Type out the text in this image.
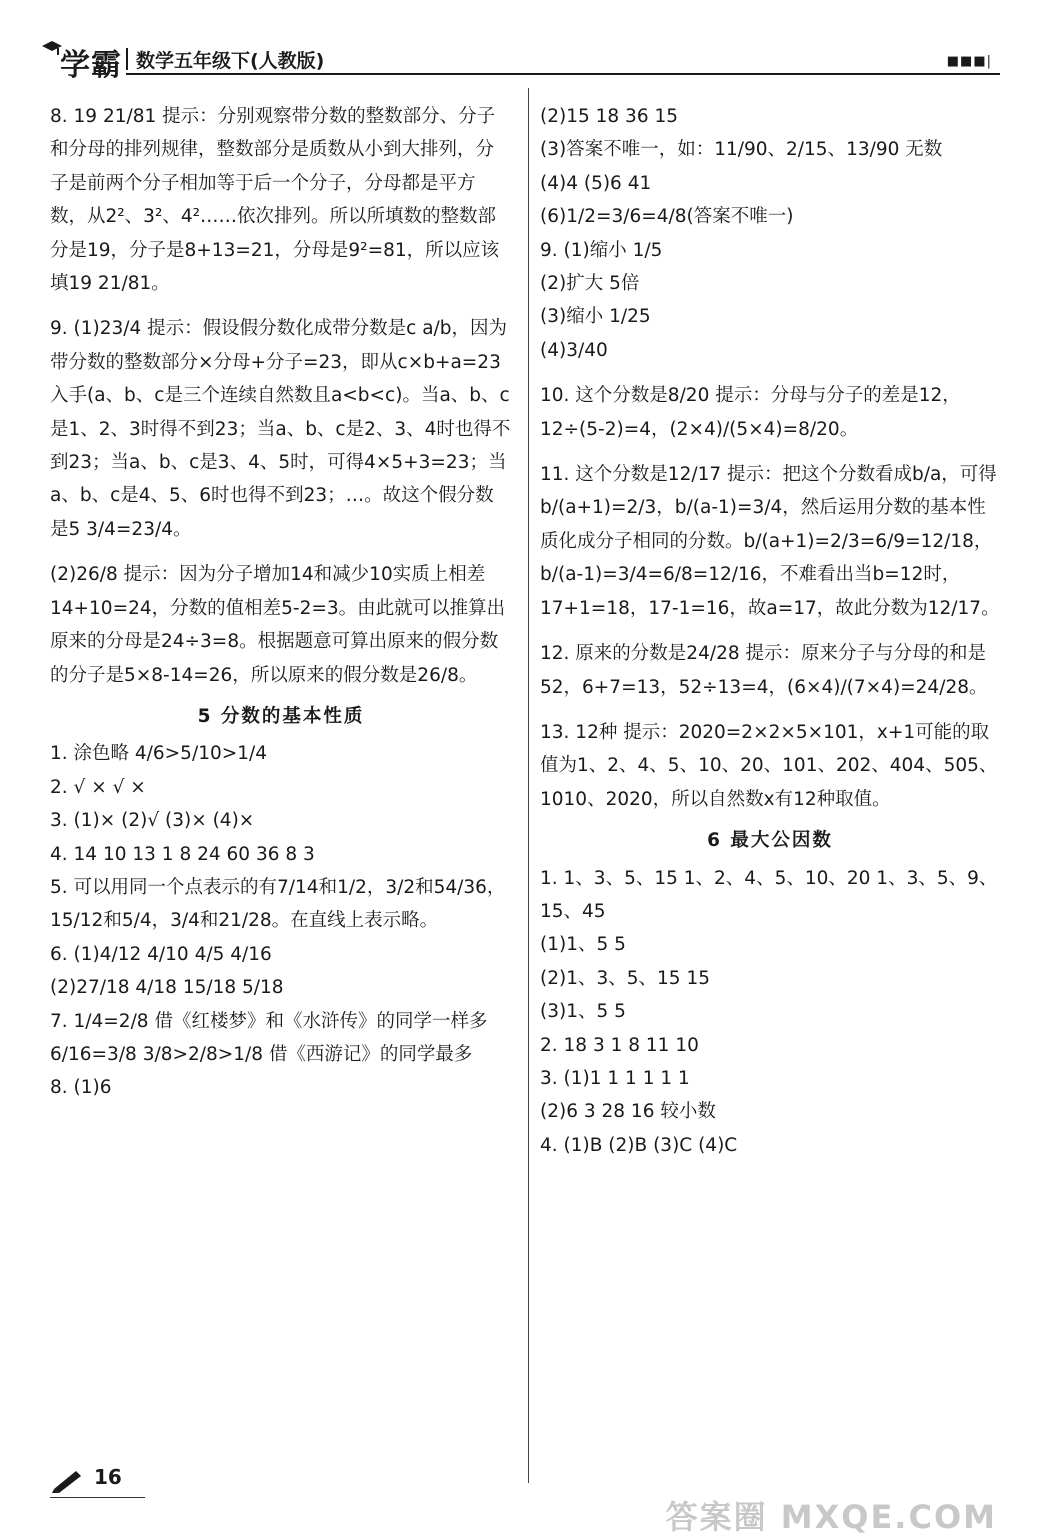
学霸 数学五年级下(人教版)	■■■|

8. 19 21/81 提示：分别观察带分数的整数部分、分子和分母的排列规律，整数部分是质数从小到大排列，分子是前两个分子相加等于后一个分子，分母都是平方数，从2²、3²、4²……依次排列。所以所填数的整数部分是19，分子是8+13=21，分母是9²=81，所以应该填19 21/81。

9. (1)23/4 提示：假设假分数化成带分数是c a/b，因为带分数的整数部分×分母+分子=23，即从c×b+a=23入手(a、b、c是三个连续自然数且a<b<c)。当a、b、c是1、2、3时得不到23；当a、b、c是2、3、4时也得不到23；当a、b、c是3、4、5时，可得4×5+3=23；当a、b、c是4、5、6时也得不到23；…。故这个假分数是5 3/4=23/4。

(2)26/8 提示：因为分子增加14和减少10实质上相差14+10=24，分数的值相差5-2=3。由此就可以推算出原来的分母是24÷3=8。根据题意可算出原来的假分数的分子是5×8-14=26，所以原来的假分数是26/8。

5 分数的基本性质

1. 涂色略 4/6>5/10>1/4

2. √ × √ ×

3. (1)× (2)√ (3)× (4)×

4. 14 10 13 1 8 24 60 36 8 3

5. 可以用同一个点表示的有7/14和1/2，3/2和54/36，15/12和5/4，3/4和21/28。在直线上表示略。

6. (1)4/12 4/10 4/5 4/16

(2)27/18 4/18 15/18 5/18

7. 1/4=2/8 借《红楼梦》和《水浒传》的同学一样多

6/16=3/8 3/8>2/8>1/8 借《西游记》的同学最多

8. (1)6

(2)15 18 36 15

(3)答案不唯一，如：11/90、2/15、13/90 无数

(4)4 (5)6 41

(6)1/2=3/6=4/8(答案不唯一)

9. (1)缩小 1/5

(2)扩大 5倍

(3)缩小 1/25

(4)3/40

10. 这个分数是8/20 提示：分母与分子的差是12，12÷(5-2)=4，(2×4)/(5×4)=8/20。

11. 这个分数是12/17 提示：把这个分数看成b/a，可得b/(a+1)=2/3，b/(a-1)=3/4，然后运用分数的基本性质化成分子相同的分数。b/(a+1)=2/3=6/9=12/18，b/(a-1)=3/4=6/8=12/16，不难看出当b=12时，17+1=18，17-1=16，故a=17，故此分数为12/17。

12. 原来的分数是24/28 提示：原来分子与分母的和是52，6+7=13，52÷13=4，(6×4)/(7×4)=24/28。

13. 12种 提示：2020=2×2×5×101，x+1可能的取值为1、2、4、5、10、20、101、202、404、505、1010、2020，所以自然数x有12种取值。

6 最大公因数

1. 1、3、5、15 1、2、4、5、10、20 1、3、5、9、15、45

(1)1、5 5

(2)1、3、5、15 15

(3)1、5 5

2. 18 3 1 8 11 10

3. (1)1 1 1 1 1 1

(2)6 3 28 16 较小数

4. (1)B (2)B (3)C (4)C

16
答案圈 MXQE.COM
